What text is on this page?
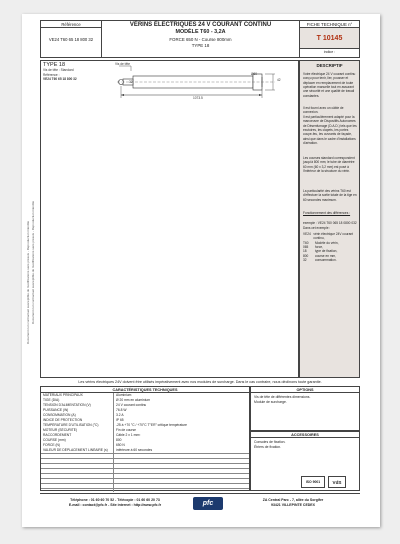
Document non contractuel susceptible de modifications sans préavis - Reproduction interdite Document non contractuel susceptible de modifications sans préavis - Reproduction interdite
Référence
VE24 T60 65 18 800 32
VÉRINS ÉLECTRIQUES 24 V COURANT CONTINU
MODÈLE T60 - 3,2A
FORCE 650 N - Course 800mm
TYPE 18
FICHE TECHNIQUE n°
T 10145
indice :
TYPE 18
Vis de tête : Standard
Référence :
VE24 T60 65 18 800 32
Vis de tête
1073.5
Ø60
42
32
DESCRIPTIF
Votre électrique 24 V courant continu conçu pour tenir, lier, pousser et déplacer en remplacement de toute opération manuelle tout en assurant une sécurité et une qualité de travail constantes.
Il est fourni avec un câble de connexion.
Il est particulièrement adapté pour la manoeuvre de Dispositifs Autonomes de Désenfumage (D.A.D.) tels que les exutoires, les clapets, les portes coupe-feu, les ouvrants de façade, ainsi que dans le cadre d'installations d'aération.
Les courses standard correspondent jusqu'à 800 mm; le tube de diamètre 60 mm (60 x 3,2 mm) est posé à l'intérieur de la structure du vérin.
La particularité des vérins T60 est d'effectuer la sortie totale de la tige en 60 secondes maximum.
Fonctionnement des différences :
exemple : VE24 T60 065 18 0800 032
Dans cet exemple :
VE24 vérin électrique 24V courant continu,
T60	Modèle du vérin,
065	force,
18	type de fixation,
800	course en mm,
32	consommation.
Les vérins électriques 24V doivent être utilisés impérativement avec nos modules de surcharge. Dans le cas contraire, nous déclinons toute garantie.
CARACTÉRISTIQUES TECHNIQUES
MATÉRIAUX PRINCIPAUX	Aluminium
TIGE (DIA)	Ø 20 mm en aluminium
TENSION D'ALIMENTATION (V)	24 V courant continu
PUISSANCE (W)	76.8 W
CONSOMMATION (A)	3.2 A
INDICE DE PROTECTION	IP 65
TEMPÉRATURE D'UTILISATION (°C)	-25 à +70 °C / +70°C T°ER° critique température
MOTEUR (SÉCURITÉ)	Fin de course
RACCORDEMENT	Câble 2 x 1 mm²
COURSE (mm)	800
FORCE (N)	650 N
VALEUR DE DÉPLACEMENT LINÉAIRE (s)	inférieure à 60 secondes
OPTIONS
Vis de tête de différentes dimensions.
Module de surcharge.
ACCESSOIRES
Consoles de fixation.
Étriers de fixation.
ISO 9001	VdS
Téléphone : 01 60 60 70 52 - Télécopie : 01 60 60 20 73
E-mail : contact@pfc.fr - Site internet : http://www.pfc.fr	pfc	ZA Central Parc - 7, allée du Sorgifer
93421 VILLEPINTE CEDEX
